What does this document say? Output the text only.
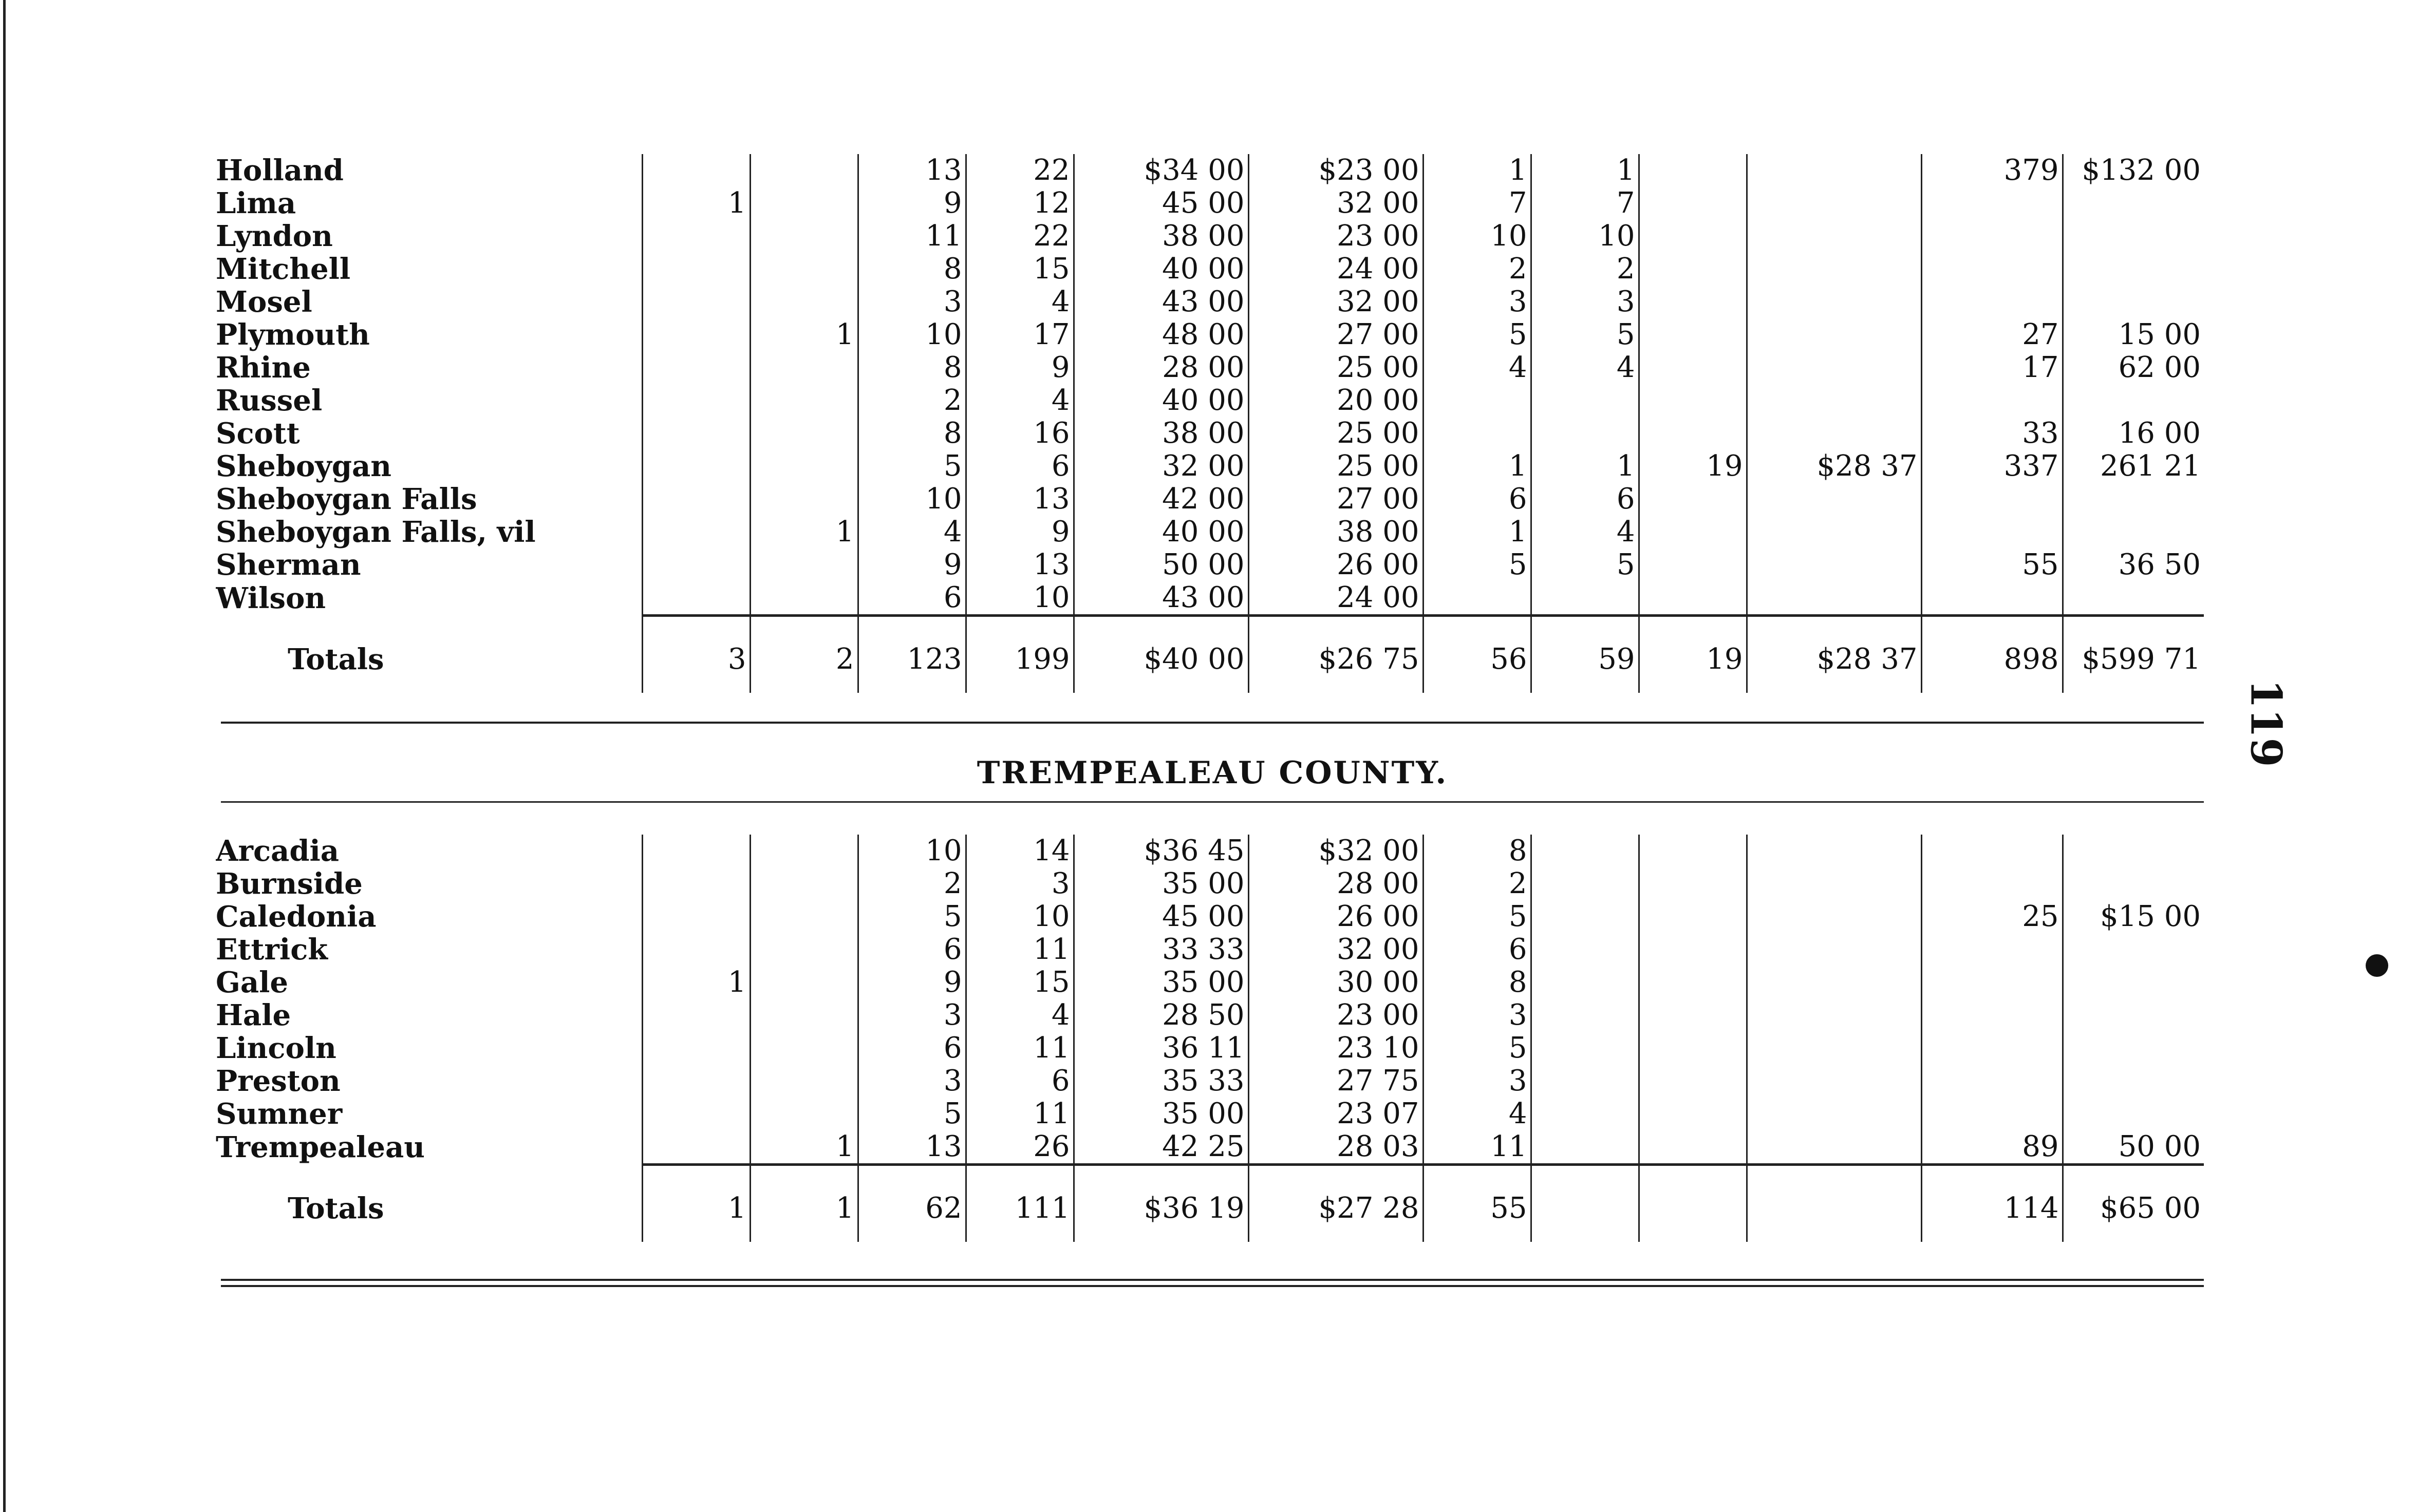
Holland			13	22	$34 00	$23 00	1	1			379	$132 00
Lima	1		9	12	45 00	32 00	7	7				
Lyndon			11	22	38 00	23 00	10	10				
Mitchell			8	15	40 00	24 00	2	2				
Mosel			3	4	43 00	32 00	3	3				
Plymouth		1	10	17	48 00	27 00	5	5			27	15 00
Rhine			8	9	28 00	25 00	4	4			17	62 00
Russel			2	4	40 00	20 00						
Scott			8	16	38 00	25 00					33	16 00
Sheboygan			5	6	32 00	25 00	1	1	19	$28 37	337	261 21
Sheboygan Falls			10	13	42 00	27 00	6	6				
Sheboygan Falls, vil		1	4	9	40 00	38 00	1	4				
Sherman			9	13	50 00	26 00	5	5			55	36 50
Wilson			6	10	43 00	24 00						

Totals	3	2	123	199	$40 00	$26 75	56	59	19	$28 37	898	$599 71
TREMPEALEAU COUNTY.
Arcadia			10	14	$36 45	$32 00	8					
Burnside			2	3	35 00	28 00	2					
Caledonia			5	10	45 00	26 00	5				25	$15 00
Ettrick			6	11	33 33	32 00	6					
Gale	1		9	15	35 00	30 00	8					
Hale			3	4	28 50	23 00	3					
Lincoln			6	11	36 11	23 10	5					
Preston			3	6	35 33	27 75	3					
Sumner			5	11	35 00	23 07	4					
Trempealeau		1	13	26	42 25	28 03	11				89	50 00

Totals	1	1	62	111	$36 19	$27 28	55				114	$65 00
119
